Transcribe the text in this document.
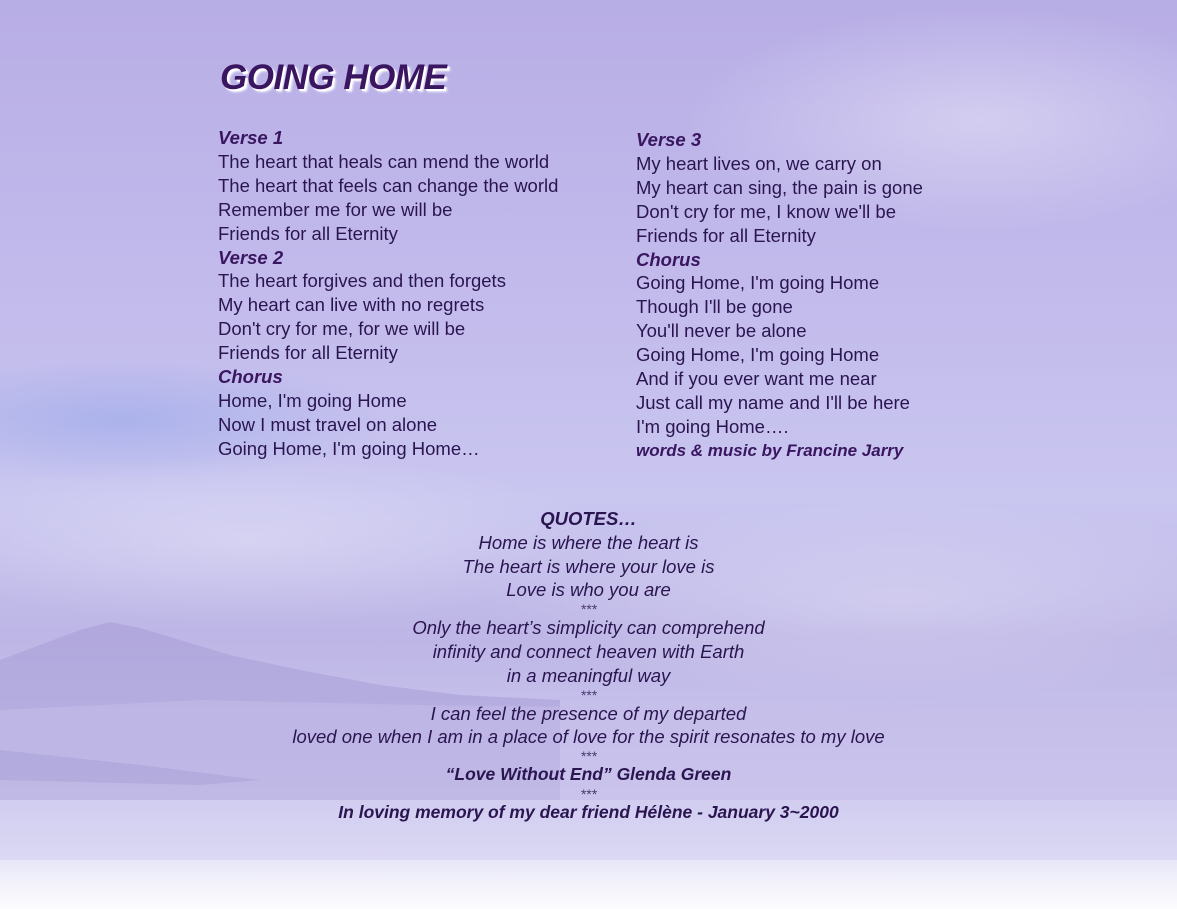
GOING HOME
Verse 1
The heart that heals can mend the world
The heart that feels can change the world
Remember me for we will be
Friends for all Eternity
Verse 2
The heart forgives and then forgets
My heart can live with no regrets
Don't cry for me, for we will be
Friends for all Eternity
Chorus
Home, I'm going Home
Now I must travel on alone
Going Home, I'm going Home…
Verse 3
My heart lives on, we carry on
My heart can sing, the pain is gone
Don't cry for me, I know we'll be
Friends for all Eternity
Chorus
Going Home, I'm going Home
Though I'll be gone
You'll never be alone
Going Home, I'm going Home
And if you ever want me near
Just call my name and I'll be here
I'm going Home….
words & music by Francine Jarry
QUOTES…
Home is where the heart is
The heart is where your love is
Love is who you are
***
Only the heart’s simplicity can comprehend
infinity and connect heaven with Earth
in a meaningful way
***
I can feel the presence of my departed
loved one when I am in a place of love for the spirit resonates to my love
***
“Love Without End” Glenda Green
***
In loving memory of my dear friend Hélène - January 3~2000
